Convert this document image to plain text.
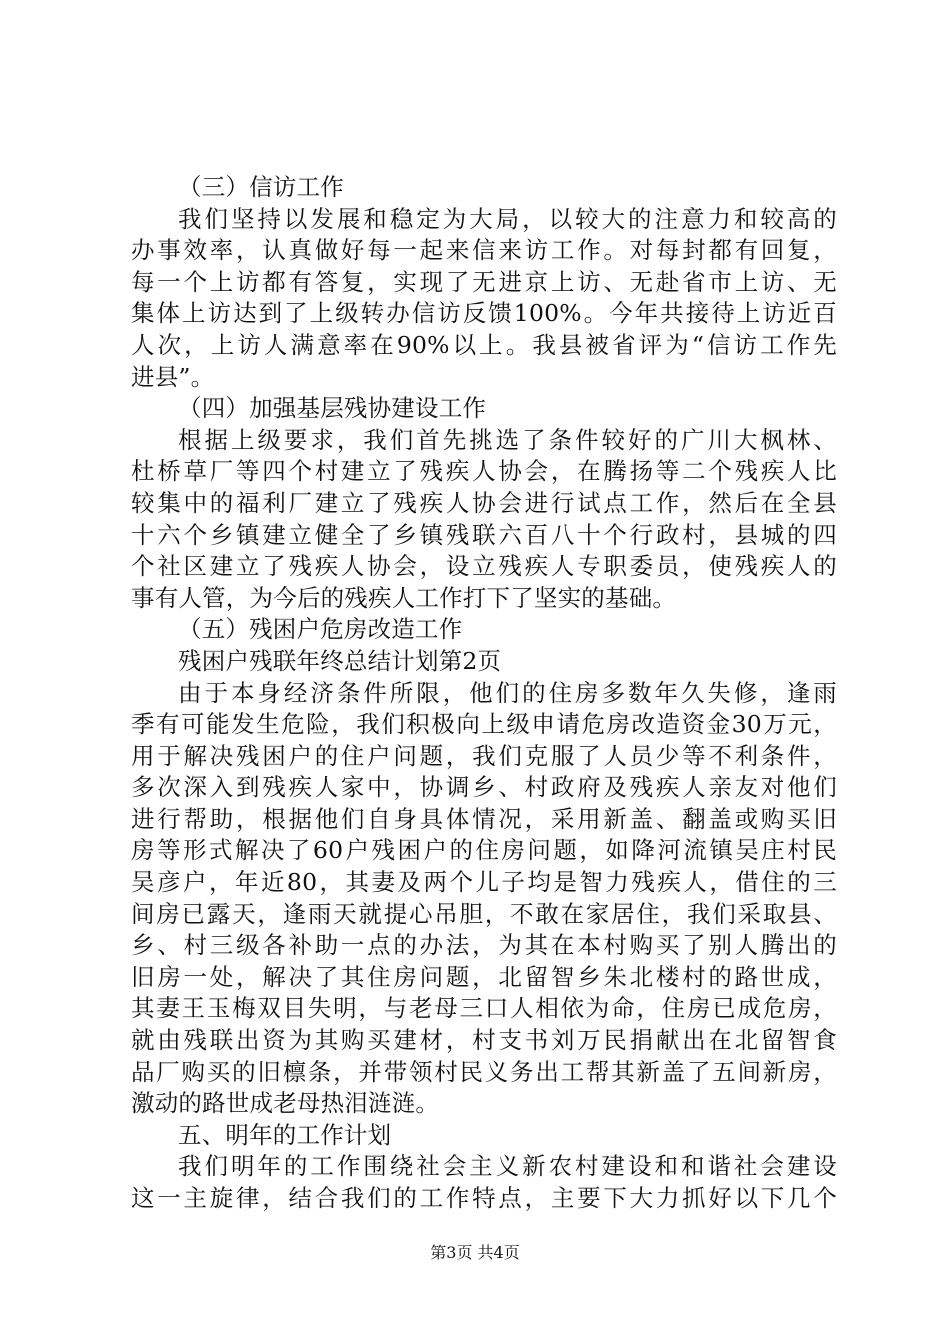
（三）信访工作
我们坚持以发展和稳定为大局，以较大的注意力和较高的
办事效率，认真做好每一起来信来访工作。对每封都有回复，
每一个上访都有答复，实现了无进京上访、无赴省市上访、无
集体上访达到了上级转办信访反馈100%。今年共接待上访近百
人次，上访人满意率在90%以上。我县被省评为“信访工作先
进县”。
（四）加强基层残协建设工作
根据上级要求，我们首先挑选了条件较好的广川大枫林、
杜桥草厂等四个村建立了残疾人协会，在腾扬等二个残疾人比
较集中的福利厂建立了残疾人协会进行试点工作，然后在全县
十六个乡镇建立健全了乡镇残联六百八十个行政村，县城的四
个社区建立了残疾人协会，设立残疾人专职委员，使残疾人的
事有人管，为今后的残疾人工作打下了坚实的基础。
（五）残困户危房改造工作
残困户残联年终总结计划第2页
由于本身经济条件所限，他们的住房多数年久失修，逢雨
季有可能发生危险，我们积极向上级申请危房改造资金30万元，
用于解决残困户的住户问题，我们克服了人员少等不利条件，
多次深入到残疾人家中，协调乡、村政府及残疾人亲友对他们
进行帮助，根据他们自身具体情况，采用新盖、翻盖或购买旧
房等形式解决了60户残困户的住房问题，如降河流镇吴庄村民
吴彦户，年近80，其妻及两个儿子均是智力残疾人，借住的三
间房已露天，逢雨天就提心吊胆，不敢在家居住，我们采取县、
乡、村三级各补助一点的办法，为其在本村购买了别人腾出的
旧房一处，解决了其住房问题，北留智乡朱北楼村的路世成，
其妻王玉梅双目失明，与老母三口人相依为命，住房已成危房，
就由残联出资为其购买建材，村支书刘万民捐献出在北留智食
品厂购买的旧檩条，并带领村民义务出工帮其新盖了五间新房，
激动的路世成老母热泪涟涟。
五、明年的工作计划
我们明年的工作围绕社会主义新农村建设和和谐社会建设
这一主旋律，结合我们的工作特点，主要下大力抓好以下几个
第3页 共4页
